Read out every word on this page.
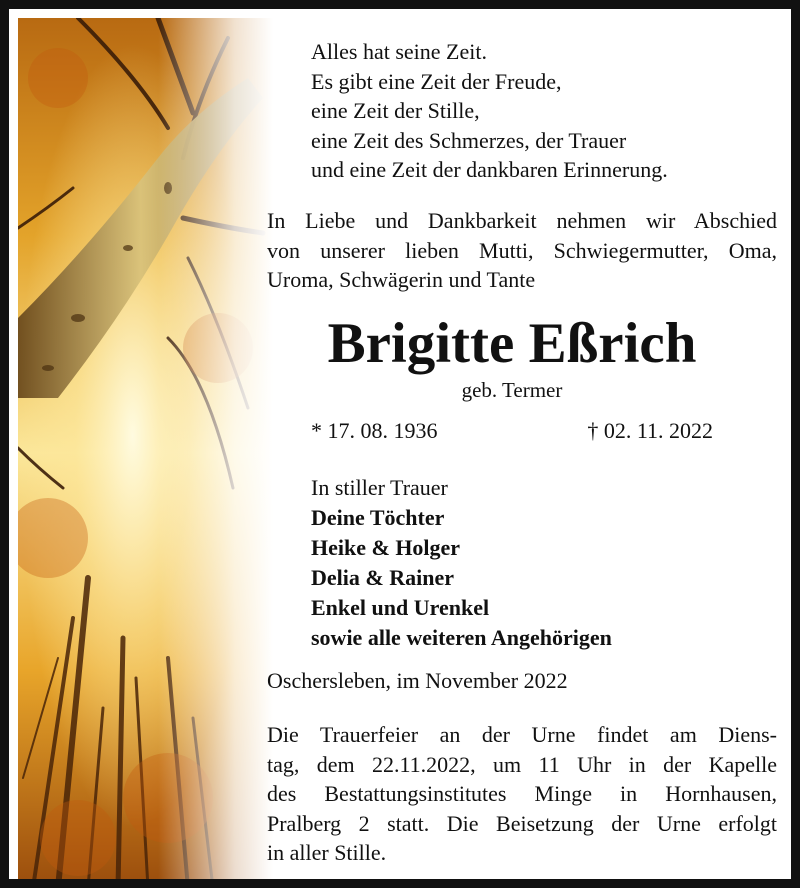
Alles hat seine Zeit.
Es gibt eine Zeit der Freude,
eine Zeit der Stille,
eine Zeit des Schmerzes, der Trauer
und eine Zeit der dankbaren Erinnerung.
In Liebe und Dankbarkeit nehmen wir Abschied
von unserer lieben Mutti, Schwiegermutter, Oma,
Uroma, Schwägerin und Tante
Brigitte Eßrich
geb. Termer
* 17. 08. 1936	† 02. 11. 2022
In stiller Trauer
Deine Töchter
Heike & Holger
Delia & Rainer
Enkel und Urenkel
sowie alle weiteren Angehörigen
Oschersleben, im November 2022
Die Trauerfeier an der Urne findet am Diens-
tag, dem 22.11.2022, um 11 Uhr in der Kapelle
des Bestattungsinstitutes Minge in Hornhausen,
Pralberg 2 statt. Die Beisetzung der Urne erfolgt
in aller Stille.
